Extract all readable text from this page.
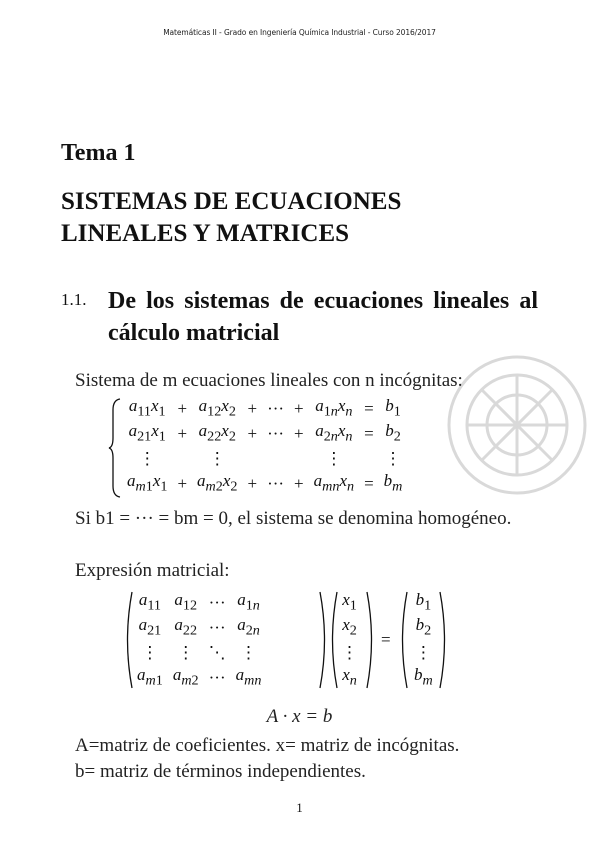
Matemáticas II - Grado en Ingeniería Química Industrial - Curso 2016/2017
Tema 1
SISTEMAS DE ECUACIONES
LINEALES Y MATRICES
1.1. De los sistemas de ecuaciones lineales al cálculo matricial
Sistema de m ecuaciones lineales con n incógnitas:
$a_{11}x_1$	+	$a_{12}x_2$	+	···	+	$a_{1n}x_n$	=	$b_1$
$a_{21}x_1$	+	$a_{22}x_2$	+	···	+	$a_{2n}x_n$	=	$b_2$
⋮		⋮				⋮		⋮
$a_{m1}x_1$	+	$a_{m2}x_2$	+	···	+	$a_{mn}x_n$	=	$b_m$
Si b1 = ··· = bm = 0, el sistema se denomina homogéneo.
Expresión matricial:
$a_{11}$	$a_{12}$	···	$a_{1n}$
$a_{21}$	$a_{22}$	···	$a_{2n}$
⋮	⋮	⋱	⋮
$a_{m1}$	$a_{m2}$	···	$a_{mn}$
$x_1$
$x_2$
⋮
$x_n$
=
$b_1$
$b_2$
⋮
$b_m$
A · x = b
A=matriz de coeficientes. x= matriz de incógnitas.
b= matriz de términos independientes.
1
